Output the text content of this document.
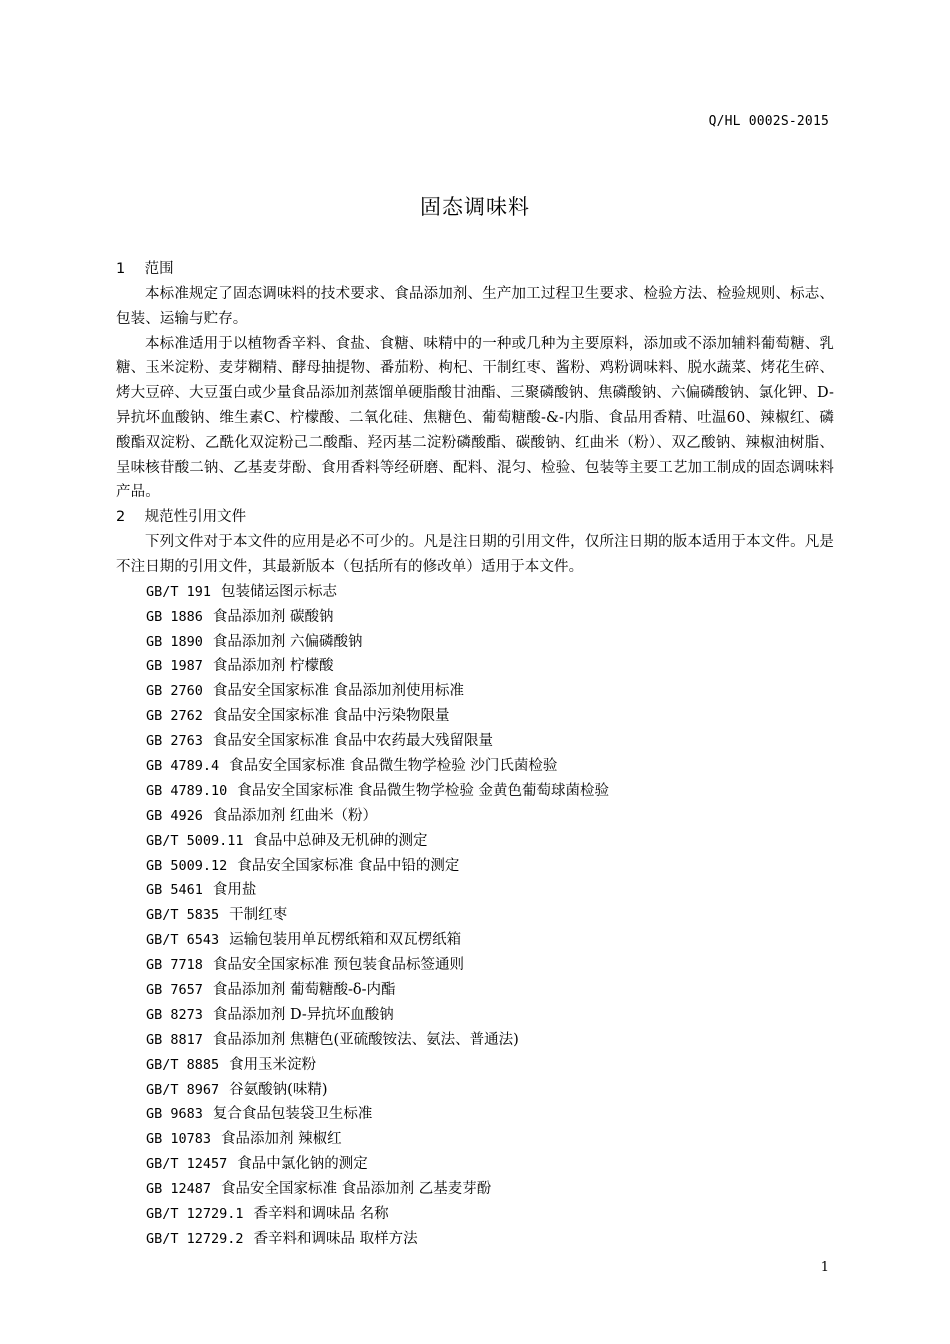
Q/HL 0002S-2015
固态调味料
1 范围

本标准规定了固态调味料的技术要求、食品添加剂、生产加工过程卫生要求、检验方法、检验规则、标志、包装、运输与贮存。

本标准适用于以植物香辛料、食盐、食糖、味精中的一种或几种为主要原料，添加或不添加辅料葡萄糖、乳糖、玉米淀粉、麦芽糊精、酵母抽提物、番茄粉、枸杞、干制红枣、酱粉、鸡粉调味料、脱水蔬菜、烤花生碎、烤大豆碎、大豆蛋白或少量食品添加剂蒸馏单硬脂酸甘油酯、三聚磷酸钠、焦磷酸钠、六偏磷酸钠、氯化钾、D-异抗坏血酸钠、维生素C、柠檬酸、二氧化硅、焦糖色、葡萄糖酸-&-内脂、食品用香精、吐温60、辣椒红、磷酸酯双淀粉、乙酰化双淀粉己二酸酯、羟丙基二淀粉磷酸酯、碳酸钠、红曲米（粉）、双乙酸钠、辣椒油树脂、呈味核苷酸二钠、乙基麦芽酚、食用香料等经研磨、配料、混匀、检验、包装等主要工艺加工制成的固态调味料产品。

2 规范性引用文件

下列文件对于本文件的应用是必不可少的。凡是注日期的引用文件，仅所注日期的版本适用于本文件。凡是不注日期的引用文件，其最新版本（包括所有的修改单）适用于本文件。

GB/T 191 包装储运图示标志
GB 1886 食品添加剂 碳酸钠
GB 1890 食品添加剂 六偏磷酸钠
GB 1987 食品添加剂 柠檬酸
GB 2760 食品安全国家标准 食品添加剂使用标准
GB 2762 食品安全国家标准 食品中污染物限量
GB 2763 食品安全国家标准 食品中农药最大残留限量
GB 4789.4 食品安全国家标准 食品微生物学检验 沙门氏菌检验
GB 4789.10 食品安全国家标准 食品微生物学检验 金黄色葡萄球菌检验
GB 4926 食品添加剂 红曲米（粉）
GB/T 5009.11 食品中总砷及无机砷的测定
GB 5009.12 食品安全国家标准 食品中铅的测定
GB 5461 食用盐
GB/T 5835 干制红枣
GB/T 6543 运输包装用单瓦楞纸箱和双瓦楞纸箱
GB 7718 食品安全国家标准 预包装食品标签通则
GB 7657 食品添加剂 葡萄糖酸-δ-内酯
GB 8273 食品添加剂 D-异抗坏血酸钠
GB 8817 食品添加剂 焦糖色(亚硫酸铵法、氨法、普通法)
GB/T 8885 食用玉米淀粉
GB/T 8967 谷氨酸钠(味精)
GB 9683 复合食品包装袋卫生标准
GB 10783 食品添加剂 辣椒红
GB/T 12457 食品中氯化钠的测定
GB 12487 食品安全国家标准 食品添加剂 乙基麦芽酚
GB/T 12729.1 香辛料和调味品 名称
GB/T 12729.2 香辛料和调味品 取样方法
1
